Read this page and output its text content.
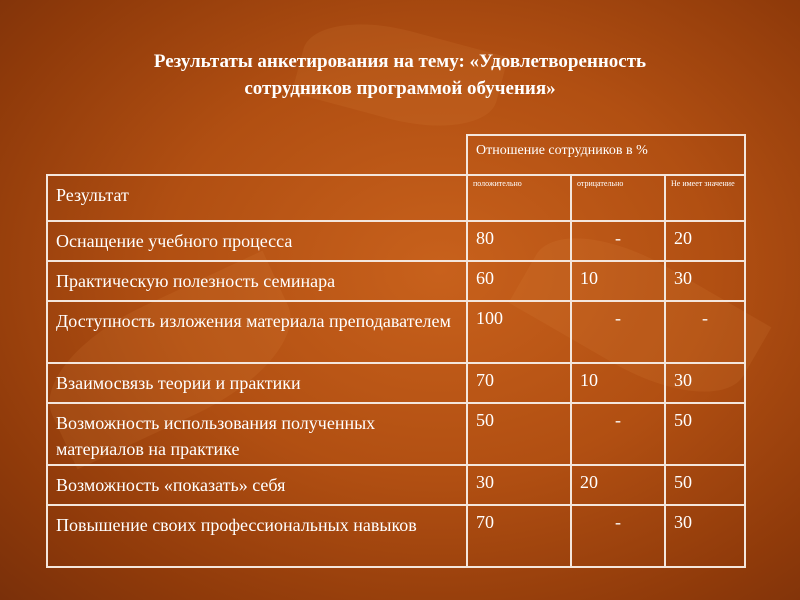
Результаты анкетирования на тему: «Удовлетворенность
сотрудников программой обучения»
	Отношение сотрудников в %		
Результат	положительно	отрицательно	Не имеет значение
Оснащение учебного процесса	80	-	20
Практическую полезность семинара	60	10	30
Доступность изложения материала преподавателем	100	-	-
Взаимосвязь теории и практики	70	10	30
Возможность использования полученных материалов на практике	50	-	50
Возможность «показать» себя	30	20	50
Повышение своих профессиональных навыков	70	-	30
